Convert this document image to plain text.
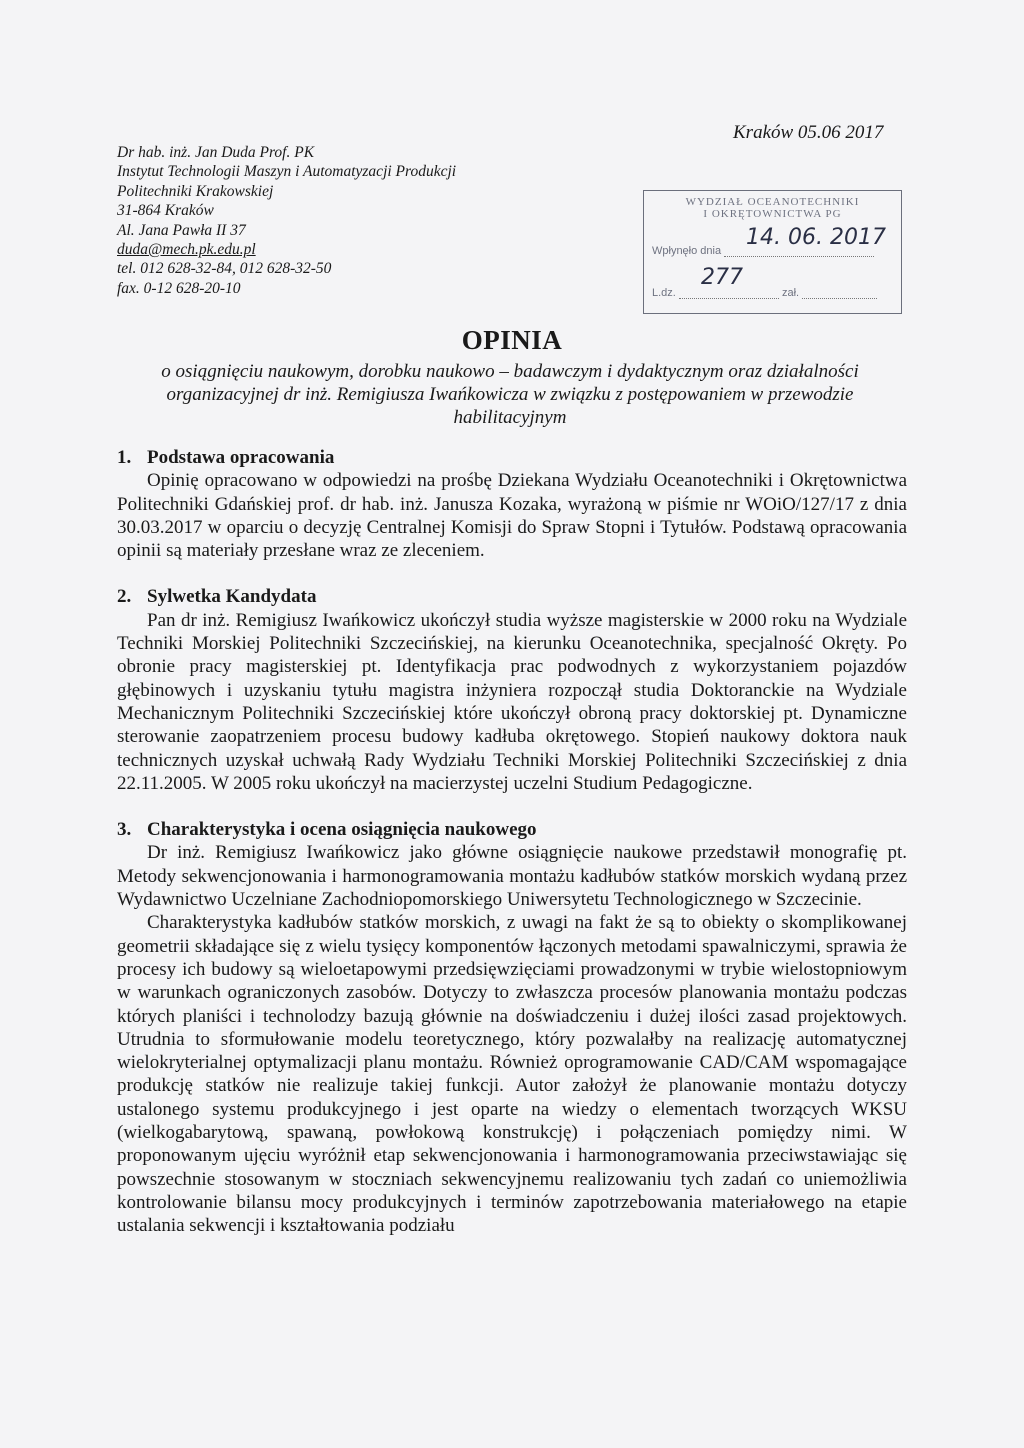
Dr hab. inż. Jan Duda Prof. PK
Instytut Technologii Maszyn i Automatyzacji Produkcji
Politechniki Krakowskiej
31-864 Kraków
Al. Jana Pawła II 37
duda@mech.pk.edu.pl
tel. 012 628-32-84, 012 628-32-50
fax. 0-12 628-20-10
Kraków 05.06 2017
WYDZIAŁ OCEANOTECHNIKI
I OKRĘTOWNICTWA PG
Wpłynęło dnia
14. 06. 2017
L.dz.	zał.
277
OPINIA
o osiągnięciu naukowym, dorobku naukowo – badawczym i dydaktycznym oraz działalności organizacyjnej dr inż. Remigiusza Iwańkowicza w związku z postępowaniem w przewodzie habilitacyjnym
1. Podstawa opracowania

Opinię opracowano w odpowiedzi na prośbę Dziekana Wydziału Oceanotechniki i Okrętownictwa Politechniki Gdańskiej prof. dr hab. inż. Janusza Kozaka, wyrażoną w piśmie nr WOiO/127/17 z dnia 30.03.2017 w oparciu o decyzję Centralnej Komisji do Spraw Stopni i Tytułów. Podstawą opracowania opinii są materiały przesłane wraz ze zleceniem.

2. Sylwetka Kandydata

Pan dr inż. Remigiusz Iwańkowicz ukończył studia wyższe magisterskie w 2000 roku na Wydziale Techniki Morskiej Politechniki Szczecińskiej, na kierunku Oceanotechnika, specjalność Okręty. Po obronie pracy magisterskiej pt. Identyfikacja prac podwodnych z wykorzystaniem pojazdów głębinowych i uzyskaniu tytułu magistra inżyniera rozpoczął studia Doktoranckie na Wydziale Mechanicznym Politechniki Szczecińskiej które ukończył obroną pracy doktorskiej pt. Dynamiczne sterowanie zaopatrzeniem procesu budowy kadłuba okrętowego. Stopień naukowy doktora nauk technicznych uzyskał uchwałą Rady Wydziału Techniki Morskiej Politechniki Szczecińskiej z dnia 22.11.2005. W 2005 roku ukończył na macierzystej uczelni Studium Pedagogiczne.

3. Charakterystyka i ocena osiągnięcia naukowego

Dr inż. Remigiusz Iwańkowicz jako główne osiągnięcie naukowe przedstawił monografię pt. Metody sekwencjonowania i harmonogramowania montażu kadłubów statków morskich wydaną przez Wydawnictwo Uczelniane Zachodniopomorskiego Uniwersytetu Technologicznego w Szczecinie.

Charakterystyka kadłubów statków morskich, z uwagi na fakt że są to obiekty o skomplikowanej geometrii składające się z wielu tysięcy komponentów łączonych metodami spawalniczymi, sprawia że procesy ich budowy są wieloetapowymi przedsięwzięciami prowadzonymi w trybie wielostopniowym w warunkach ograniczonych zasobów. Dotyczy to zwłaszcza procesów planowania montażu podczas których planiści i technolodzy bazują głównie na doświadczeniu i dużej ilości zasad projektowych. Utrudnia to sformułowanie modelu teoretycznego, który pozwalałby na realizację automatycznej wielokryterialnej optymalizacji planu montażu. Również oprogramowanie CAD/CAM wspomagające produkcję statków nie realizuje takiej funkcji. Autor założył że planowanie montażu dotyczy ustalonego systemu produkcyjnego i jest oparte na wiedzy o elementach tworzących WKSU (wielkogabarytową, spawaną, powłokową konstrukcję) i połączeniach pomiędzy nimi. W proponowanym ujęciu wyróżnił etap sekwencjonowania i harmonogramowania przeciwstawiając się powszechnie stosowanym w stoczniach sekwencyjnemu realizowaniu tych zadań co uniemożliwia kontrolowanie bilansu mocy produkcyjnych i terminów zapotrzebowania materiałowego na etapie ustalania sekwencji i kształtowania podziału
